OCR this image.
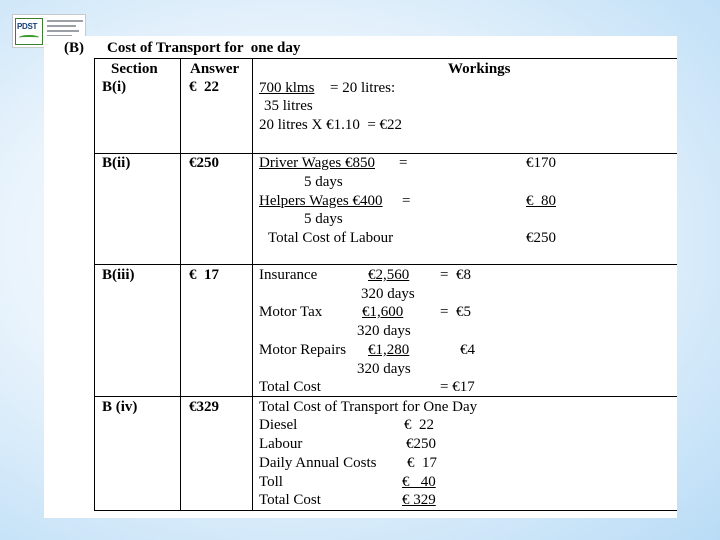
PDST

(B)

Cost of Transport for  one day

Section Answer	Workings
B(i)	€  22	700 klms = 20 litres:
35 litres
20 litres X €1.10  = €22
B(ii)	€250	Driver Wages €850 =	€170
5 days
Helpers Wages €400 =	€  80
5 days
Total Cost of Labour	€250
B(iii)	€  17	Insurance	€2,560 =  €8
320 days
Motor Tax	€1,600 =  €5
320 days
Motor Repairs €1,280	€4
320 days
Total Cost	= €17
B (iv)	€329	Total Cost of Transport for One Day
Diesel	€  22
Labour	€250
Daily Annual Costs €  17
Toll	€   40
Total Cost	€ 329
